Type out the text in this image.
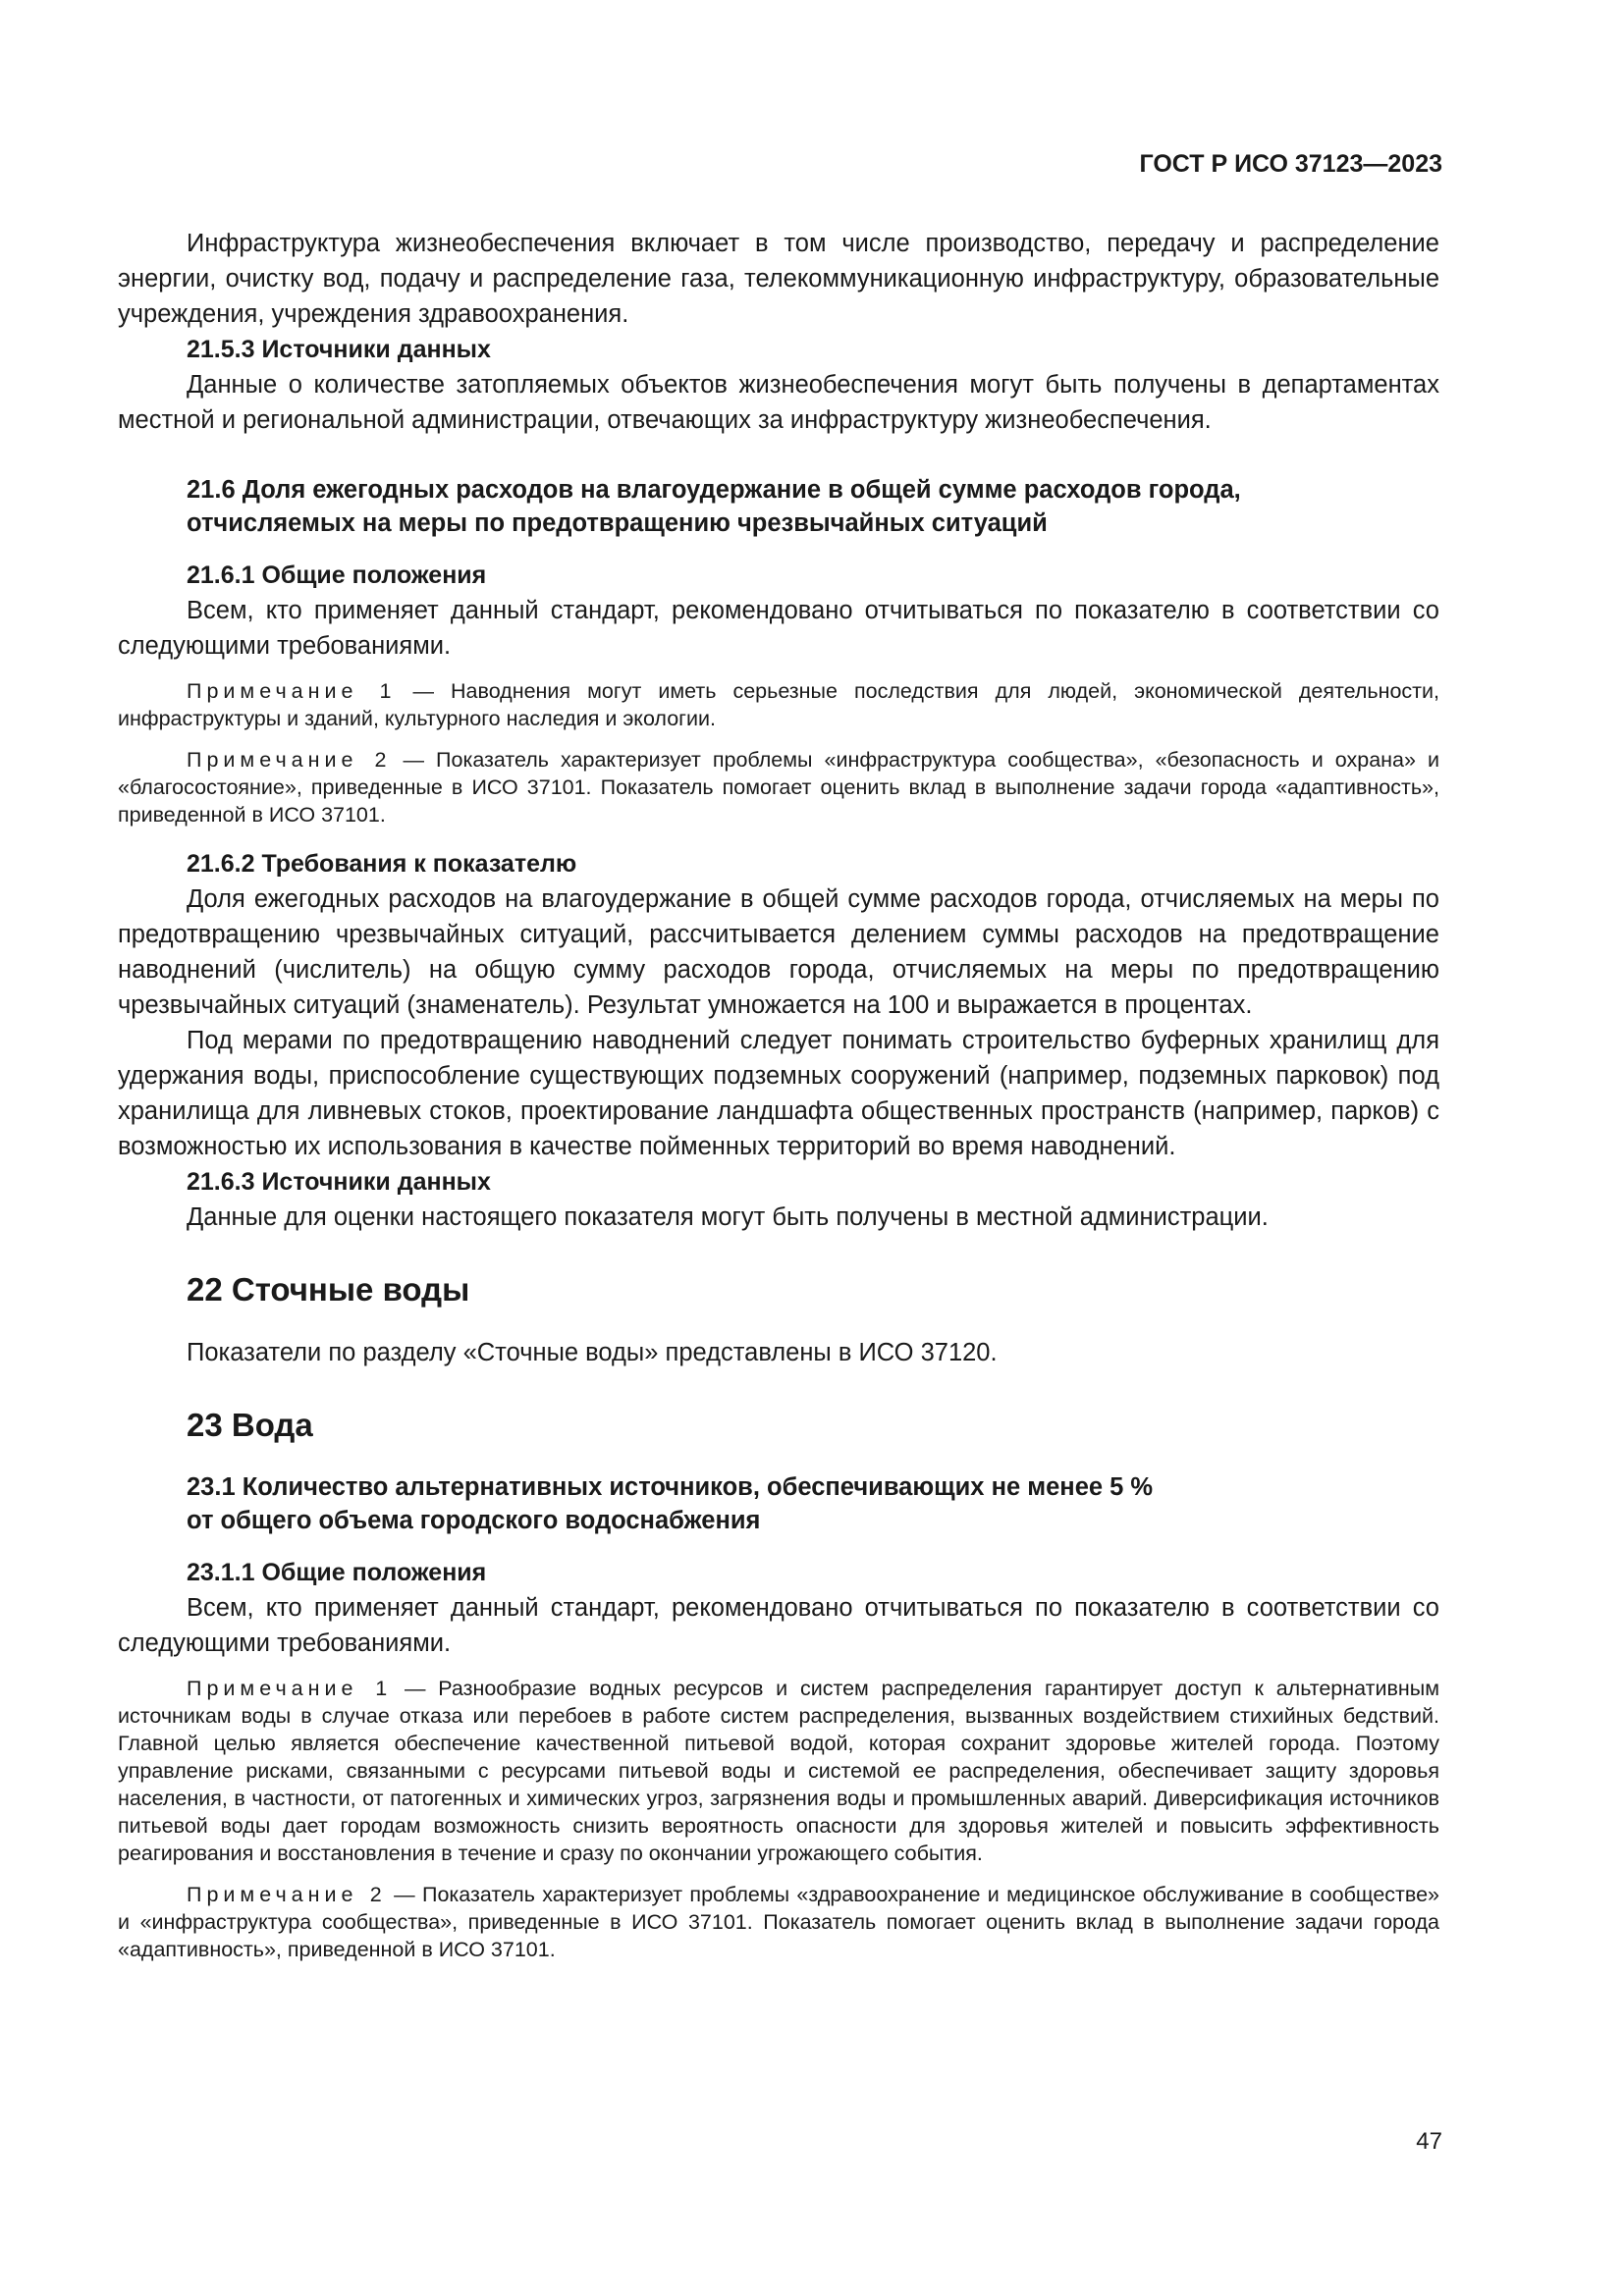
ГОСТ Р ИСО 37123—2023

Инфраструктура жизнеобеспечения включает в том числе производство, передачу и распределение энергии, очистку вод, подачу и распределение газа, телекоммуникационную инфраструктуру, образовательные учреждения, учреждения здравоохранения.

21.5.3 Источники данных

Данные о количестве затопляемых объектов жизнеобеспечения могут быть получены в департаментах местной и региональной администрации, отвечающих за инфраструктуру жизнеобеспечения.

21.6 Доля ежегодных расходов на влагоудержание в общей сумме расходов города,
отчисляемых на меры по предотвращению чрезвычайных ситуаций
21.6.1 Общие положения

Всем, кто применяет данный стандарт, рекомендовано отчитываться по показателю в соответствии со следующими требованиями.

Примечание 1 — Наводнения могут иметь серьезные последствия для людей, экономической деятельности, инфраструктуры и зданий, культурного наследия и экологии.

Примечание 2 — Показатель характеризует проблемы «инфраструктура сообщества», «безопасность и охрана» и «благосостояние», приведенные в ИСО 37101. Показатель помогает оценить вклад в выполнение задачи города «адаптивность», приведенной в ИСО 37101.

21.6.2 Требования к показателю

Доля ежегодных расходов на влагоудержание в общей сумме расходов города, отчисляемых на меры по предотвращению чрезвычайных ситуаций, рассчитывается делением суммы расходов на предотвращение наводнений (числитель) на общую сумму расходов города, отчисляемых на меры по предотвращению чрезвычайных ситуаций (знаменатель). Результат умножается на 100 и выражается в процентах.

Под мерами по предотвращению наводнений следует понимать строительство буферных хранилищ для удержания воды, приспособление существующих подземных сооружений (например, подземных парковок) под хранилища для ливневых стоков, проектирование ландшафта общественных пространств (например, парков) с возможностью их использования в качестве пойменных территорий во время наводнений.

21.6.3 Источники данных

Данные для оценки настоящего показателя могут быть получены в местной администрации.

22 Сточные воды

Показатели по разделу «Сточные воды» представлены в ИСО 37120.

23 Вода
23.1 Количество альтернативных источников, обеспечивающих не менее 5 %
от общего объема городского водоснабжения
23.1.1 Общие положения

Всем, кто применяет данный стандарт, рекомендовано отчитываться по показателю в соответствии со следующими требованиями.

Примечание 1 — Разнообразие водных ресурсов и систем распределения гарантирует доступ к альтернативным источникам воды в случае отказа или перебоев в работе систем распределения, вызванных воздействием стихийных бедствий. Главной целью является обеспечение качественной питьевой водой, которая сохранит здоровье жителей города. Поэтому управление рисками, связанными с ресурсами питьевой воды и системой ее распределения, обеспечивает защиту здоровья населения, в частности, от патогенных и химических угроз, загрязнения воды и промышленных аварий. Диверсификация источников питьевой воды дает городам возможность снизить вероятность опасности для здоровья жителей и повысить эффективность реагирования и восстановления в течение и сразу по окончании угрожающего события.

Примечание 2 — Показатель характеризует проблемы «здравоохранение и медицинское обслуживание в сообществе» и «инфраструктура сообщества», приведенные в ИСО 37101. Показатель помогает оценить вклад в выполнение задачи города «адаптивность», приведенной в ИСО 37101.

47
